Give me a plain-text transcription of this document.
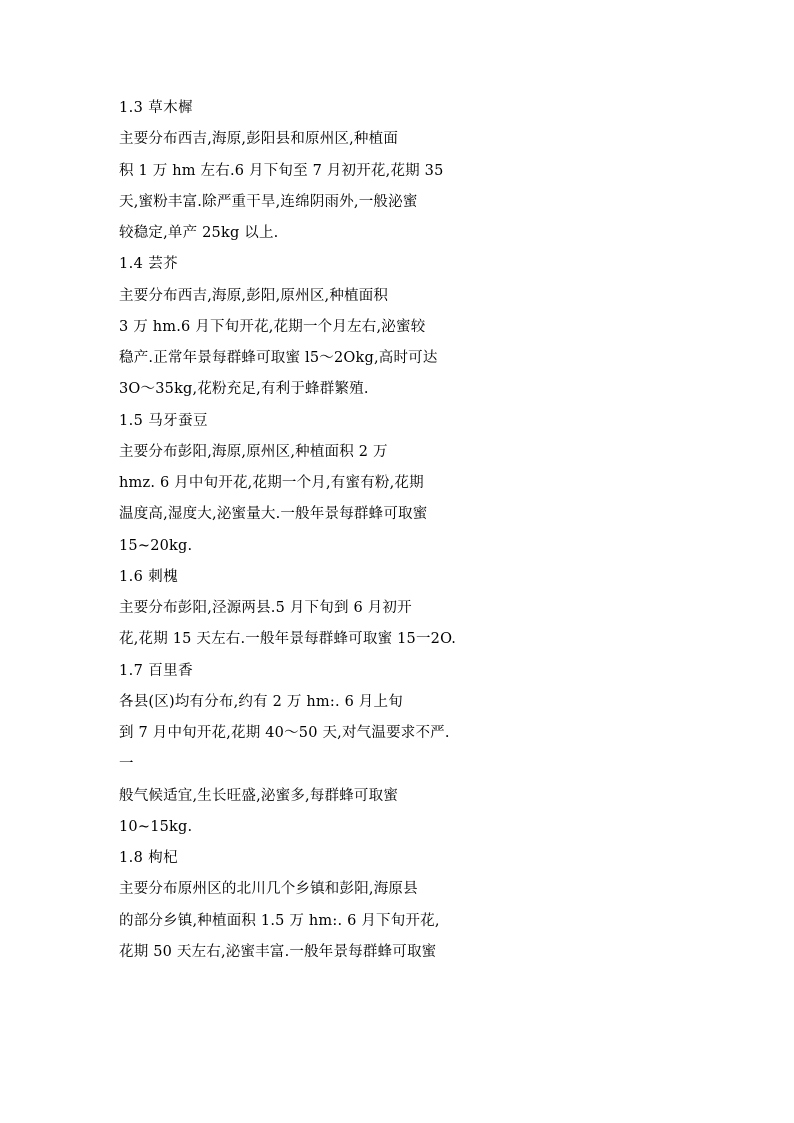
1.3 草木樨
主要分布西吉,海原,彭阳县和原州区,种植面
积 1 万 hm 左右.6 月下旬至 7 月初开花,花期 35
天,蜜粉丰富.除严重干旱,连绵阴雨外,一般泌蜜
较稳定,单产 25kg 以上.
1.4 芸芥
主要分布西吉,海原,彭阳,原州区,种植面积
3 万 hm.6 月下旬开花,花期一个月左右,泌蜜较
稳产.正常年景每群蜂可取蜜 l5～2Okg,高时可达
3O～35kg,花粉充足,有利于蜂群繁殖.
1.5 马牙蚕豆
主要分布彭阳,海原,原州区,种植面积 2 万
hmz. 6 月中旬开花,花期一个月,有蜜有粉,花期
温度高,湿度大,泌蜜量大.一般年景每群蜂可取蜜
15~20kg.
1.6 刺槐
主要分布彭阳,泾源两县.5 月下旬到 6 月初开
花,花期 15 天左右.一般年景每群蜂可取蜜 15一2O.
1.7 百里香
各县(区)均有分布,约有 2 万 hm:. 6 月上旬
到 7 月中旬开花,花期 40～50 天,对气温要求不严.
一
般气候适宜,生长旺盛,泌蜜多,每群蜂可取蜜
10~15kg.
1.8 枸杞
主要分布原州区的北川几个乡镇和彭阳,海原县
的部分乡镇,种植面积 1.5 万 hm:. 6 月下旬开花,
花期 50 天左右,泌蜜丰富.一般年景每群蜂可取蜜
